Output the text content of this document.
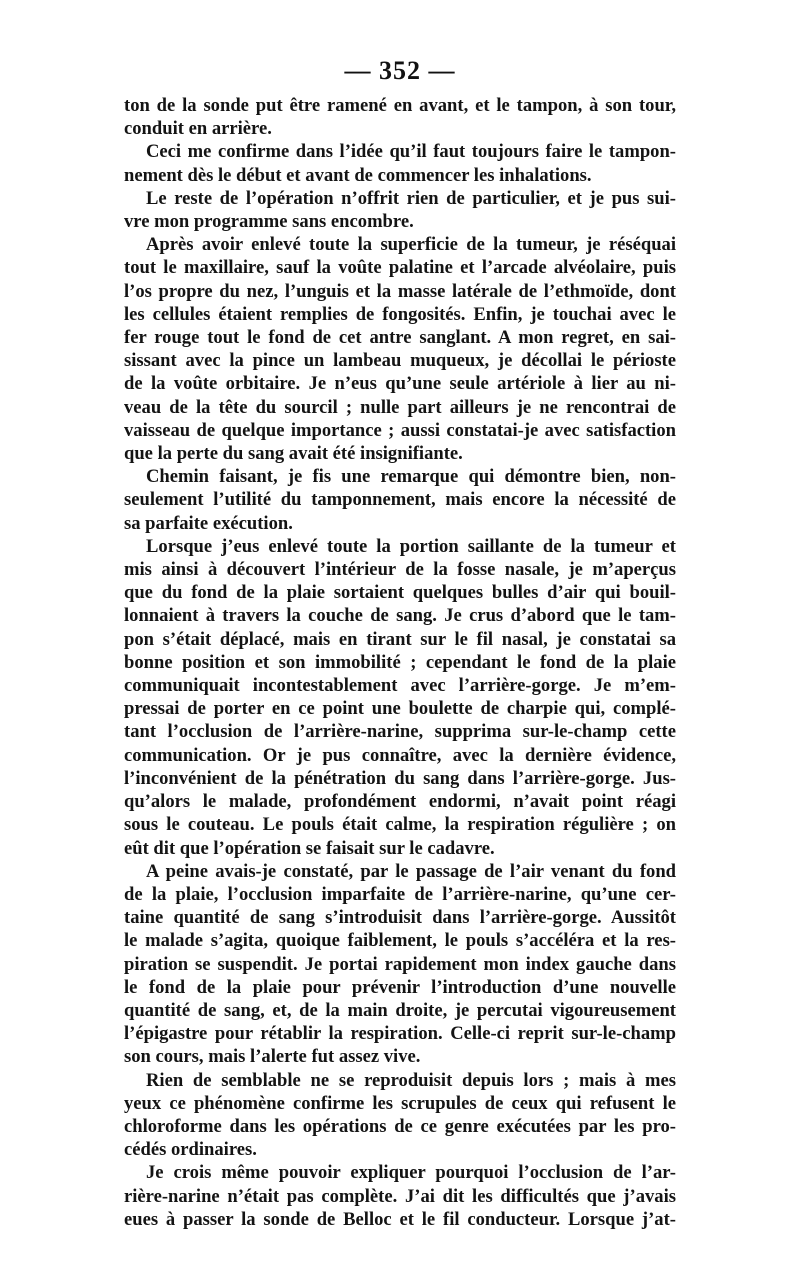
— 352 —
ton de la sonde put être ramené en avant, et le tampon, à son tour,
conduit en arrière.
Ceci me confirme dans l’idée qu’il faut toujours faire le tampon-
nement dès le début et avant de commencer les inhalations.
Le reste de l’opération n’offrit rien de particulier, et je pus sui-
vre mon programme sans encombre.
Après avoir enlevé toute la superficie de la tumeur, je réséquai
tout le maxillaire, sauf la voûte palatine et l’arcade alvéolaire, puis
l’os propre du nez, l’unguis et la masse latérale de l’ethmoïde, dont
les cellules étaient remplies de fongosités. Enfin, je touchai avec le
fer rouge tout le fond de cet antre sanglant. A mon regret, en sai-
sissant avec la pince un lambeau muqueux, je décollai le périoste
de la voûte orbitaire. Je n’eus qu’une seule artériole à lier au ni-
veau de la tête du sourcil ; nulle part ailleurs je ne rencontrai de
vaisseau de quelque importance ; aussi constatai-je avec satisfaction
que la perte du sang avait été insignifiante.
Chemin faisant, je fis une remarque qui démontre bien, non-
seulement l’utilité du tamponnement, mais encore la nécessité de
sa parfaite exécution.
Lorsque j’eus enlevé toute la portion saillante de la tumeur et
mis ainsi à découvert l’intérieur de la fosse nasale, je m’aperçus
que du fond de la plaie sortaient quelques bulles d’air qui bouil-
lonnaient à travers la couche de sang. Je crus d’abord que le tam-
pon s’était déplacé, mais en tirant sur le fil nasal, je constatai sa
bonne position et son immobilité ; cependant le fond de la plaie
communiquait incontestablement avec l’arrière-gorge. Je m’em-
pressai de porter en ce point une boulette de charpie qui, complé-
tant l’occlusion de l’arrière-narine, supprima sur-le-champ cette
communication. Or je pus connaître, avec la dernière évidence,
l’inconvénient de la pénétration du sang dans l’arrière-gorge. Jus-
qu’alors le malade, profondément endormi, n’avait point réagi
sous le couteau. Le pouls était calme, la respiration régulière ; on
eût dit que l’opération se faisait sur le cadavre.
A peine avais-je constaté, par le passage de l’air venant du fond
de la plaie, l’occlusion imparfaite de l’arrière-narine, qu’une cer-
taine quantité de sang s’introduisit dans l’arrière-gorge. Aussitôt
le malade s’agita, quoique faiblement, le pouls s’accéléra et la res-
piration se suspendit. Je portai rapidement mon index gauche dans
le fond de la plaie pour prévenir l’introduction d’une nouvelle
quantité de sang, et, de la main droite, je percutai vigoureusement
l’épigastre pour rétablir la respiration. Celle-ci reprit sur-le-champ
son cours, mais l’alerte fut assez vive.
Rien de semblable ne se reproduisit depuis lors ; mais à mes
yeux ce phénomène confirme les scrupules de ceux qui refusent le
chloroforme dans les opérations de ce genre exécutées par les pro-
cédés ordinaires.
Je crois même pouvoir expliquer pourquoi l’occlusion de l’ar-
rière-narine n’était pas complète. J’ai dit les difficultés que j’avais
eues à passer la sonde de Belloc et le fil conducteur. Lorsque j’at-
